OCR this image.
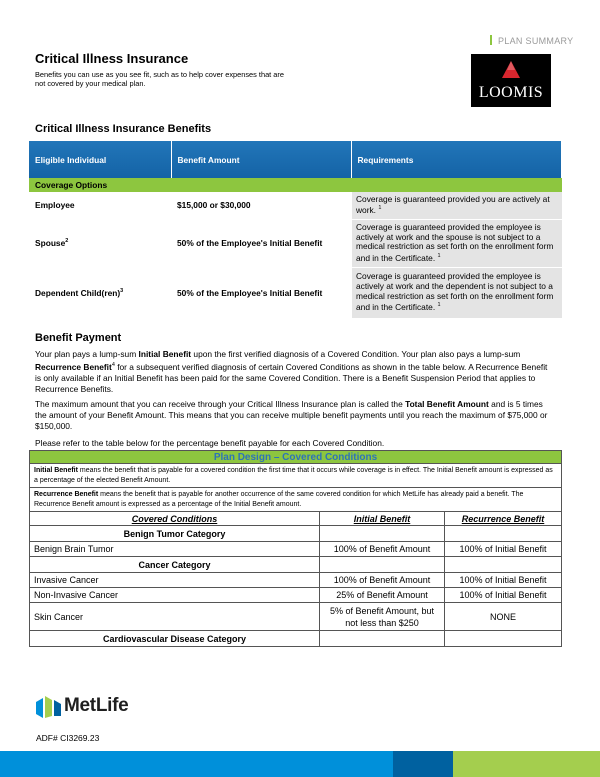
PLAN SUMMARY
LOOMIS
Critical Illness Insurance
Benefits you can use as you see fit, such as to help cover expenses that are not covered by your medical plan.
Critical Illness Insurance Benefits
Eligible Individual	Benefit Amount	Requirements
Coverage Options		
Employee	$15,000 or $30,000	Coverage is guaranteed provided you are actively at work. $^1$
Spouse$^2$	50% of the Employee's Initial Benefit	Coverage is guaranteed provided the employee is actively at work and the spouse is not subject to a medical restriction as set forth on the enrollment form and in the Certificate. $^1$
Dependent Child(ren)$^3$	50% of the Employee's Initial Benefit	Coverage is guaranteed provided the employee is actively at work and the dependent is not subject to a medical restriction as set forth on the enrollment form and in the Certificate. $^1$
Benefit Payment
Your plan pays a lump-sum Initial Benefit upon the first verified diagnosis of a Covered Condition. Your plan also pays a lump-sum Recurrence Benefit$^4$ for a subsequent verified diagnosis of certain Covered Conditions as shown in the table below. A Recurrence Benefit is only available if an Initial Benefit has been paid for the same Covered Condition. There is a Benefit Suspension Period that applies to Recurrence Benefits.
The maximum amount that you can receive through your Critical Illness Insurance plan is called the Total Benefit Amount and is 5 times the amount of your Benefit Amount. This means that you can receive multiple benefit payments until you reach the maximum of $75,000 or $150,000.
Please refer to the table below for the percentage benefit payable for each Covered Condition.
Plan Design – Covered Conditions		
Initial Benefit means the benefit that is payable for a covered condition the first time that it occurs while coverage is in effect. The Initial Benefit amount is expressed as a percentage of the elected Benefit Amount.		
Recurrence Benefit means the benefit that is payable for another occurrence of the same covered condition for which MetLife has already paid a benefit. The Recurrence Benefit amount is expressed as a percentage of the Initial Benefit amount.		
Covered Conditions	Initial Benefit	Recurrence Benefit
Benign Tumor Category		
Benign Brain Tumor	100% of Benefit Amount	100% of Initial Benefit
Cancer Category		
Invasive Cancer	100% of Benefit Amount	100% of Initial Benefit
Non-Invasive Cancer	25% of Benefit Amount	100% of Initial Benefit
Skin Cancer	5% of Benefit Amount, but not less than $250	NONE
Cardiovascular Disease Category		
MetLife
ADF# CI3269.23
